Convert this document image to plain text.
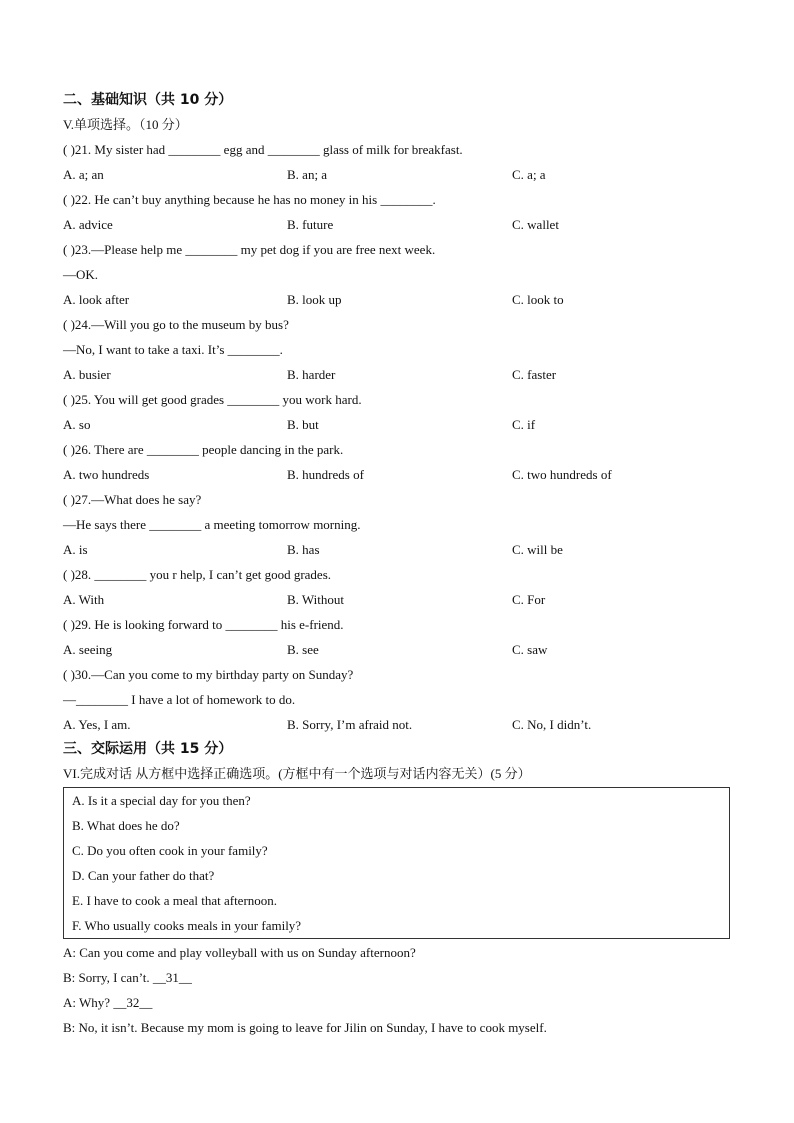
二、基础知识（共 10 分）
V.单项选择。（10 分）
( )21. My sister had ________ egg and ________ glass of milk for breakfast.
A. a; an	B. an; a	C. a; a
( )22. He can’t buy anything because he has no money in his ________.
A. advice	B. future	C. wallet
( )23.—Please help me ________ my pet dog if you are free next week.
—OK.
A. look after	B. look up	C. look to
( )24.—Will you go to the museum by bus?
—No, I want to take a taxi. It’s ________.
A. busier	B. harder	C. faster
( )25. You will get good grades ________ you work hard.
A. so	B. but	C. if
( )26. There are ________ people dancing in the park.
A. two hundreds	B. hundreds of	C. two hundreds of
( )27.—What does he say?
—He says there ________ a meeting tomorrow morning.
A. is	B. has	C. will be
( )28. ________ you r help, I can’t get good grades.
A. With	B. Without	C. For
( )29. He is looking forward to ________ his e-friend.
A. seeing	B. see	C. saw
( )30.—Can you come to my birthday party on Sunday?
—________ I have a lot of homework to do.
A. Yes, I am.	B. Sorry, I’m afraid not.	C. No, I didn’t.
三、交际运用（共 15 分）
VI.完成对话 从方框中选择正确选项。(方框中有一个选项与对话内容无关）(5 分）
A. Is it a special day for you then?
B. What does he do?
C. Do you often cook in your family?
D. Can your father do that?
E. I have to cook a meal that afternoon.
F. Who usually cooks meals in your family?
A: Can you come and play volleyball with us on Sunday afternoon?
B: Sorry, I can’t. __31__
A: Why? __32__
B: No, it isn’t. Because my mom is going to leave for Jilin on Sunday, I have to cook myself.
